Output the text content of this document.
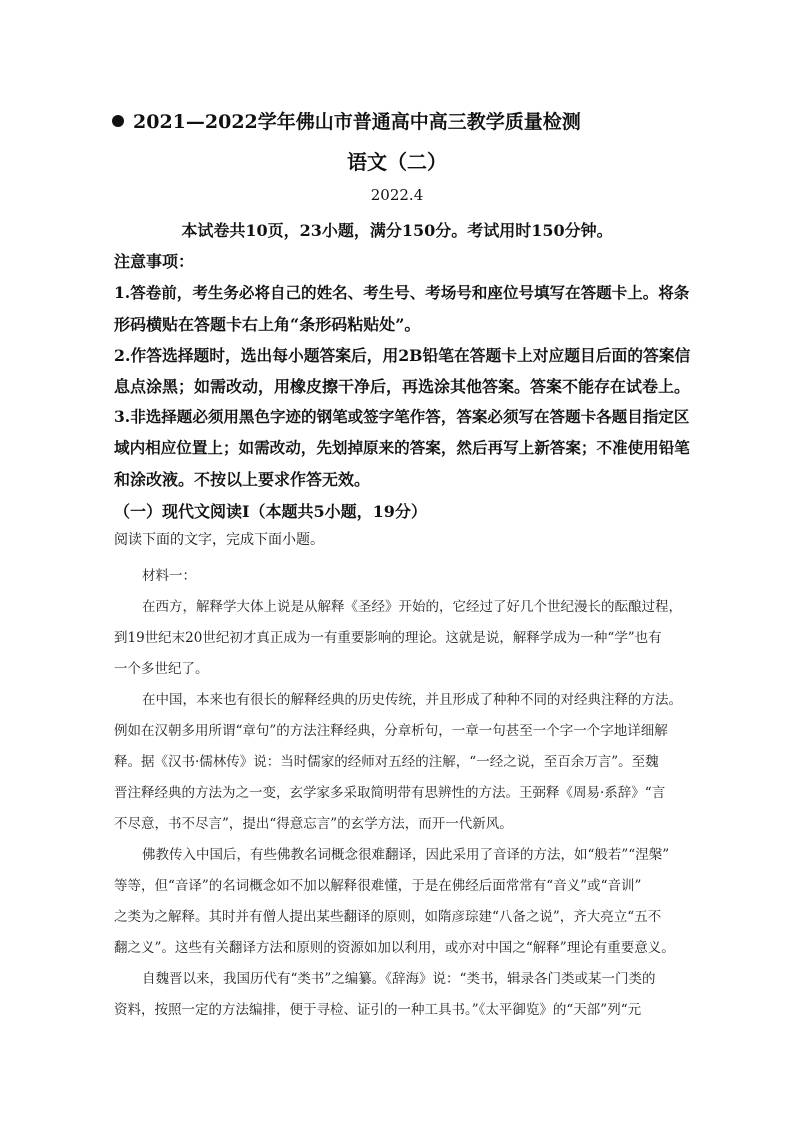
2021—2022学年佛山市普通高中高三教学质量检测
语文（二）
2022.4
本试卷共10页，23小题，满分150分。考试用时150分钟。
注意事项：
1.答卷前，考生务必将自己的姓名、考生号、考场号和座位号填写在答题卡上。将条
形码横贴在答题卡右上角“条形码粘贴处”。
2.作答选择题时，选出每小题答案后，用2B铅笔在答题卡上对应题目后面的答案信
息点涂黑；如需改动，用橡皮擦干净后，再选涂其他答案。答案不能存在试卷上。
3.非选择题必须用黑色字迹的钢笔或签字笔作答，答案必须写在答题卡各题目指定区
域内相应位置上；如需改动，先划掉原来的答案，然后再写上新答案；不准使用铅笔
和涂改液。不按以上要求作答无效。
（一）现代文阅读Ⅰ（本题共5小题，19分）
阅读下面的文字，完成下面小题。
材料一：
在西方，解释学大体上说是从解释《圣经》开始的，它经过了好几个世纪漫长的酝酿过程，
到19世纪末20世纪初才真正成为一有重要影响的理论。这就是说，解释学成为一种“学”也有
一个多世纪了。
在中国，本来也有很长的解释经典的历史传统，并且形成了种种不同的对经典注释的方法。
例如在汉朝多用所谓“章句”的方法注释经典，分章析句，一章一句甚至一个字一个字地详细解
释。据《汉书·儒林传》说：当时儒家的经师对五经的注解，“一经之说，至百余万言”。至魏
晋注释经典的方法为之一变，玄学家多采取简明带有思辨性的方法。王弼释《周易·系辞》“言
不尽意，书不尽言”，提出“得意忘言”的玄学方法，而开一代新风。
佛教传入中国后，有些佛教名词概念很难翻译，因此采用了音译的方法，如“般若”“涅槃”
等等，但“音译”的名词概念如不加以解释很难懂，于是在佛经后面常常有“音义”或“音训”
之类为之解释。其时并有僧人提出某些翻译的原则，如隋彦琮建“八备之说”，齐大亮立“五不
翻之义”。这些有关翻译方法和原则的资源如加以利用，或亦对中国之“解释”理论有重要意义。
自魏晋以来，我国历代有“类书”之编纂。《辞海》说：“类书，辑录各门类或某一门类的
资料，按照一定的方法编排，便于寻检、证引的一种工具书。”《太平御览》的“天部”列“元
